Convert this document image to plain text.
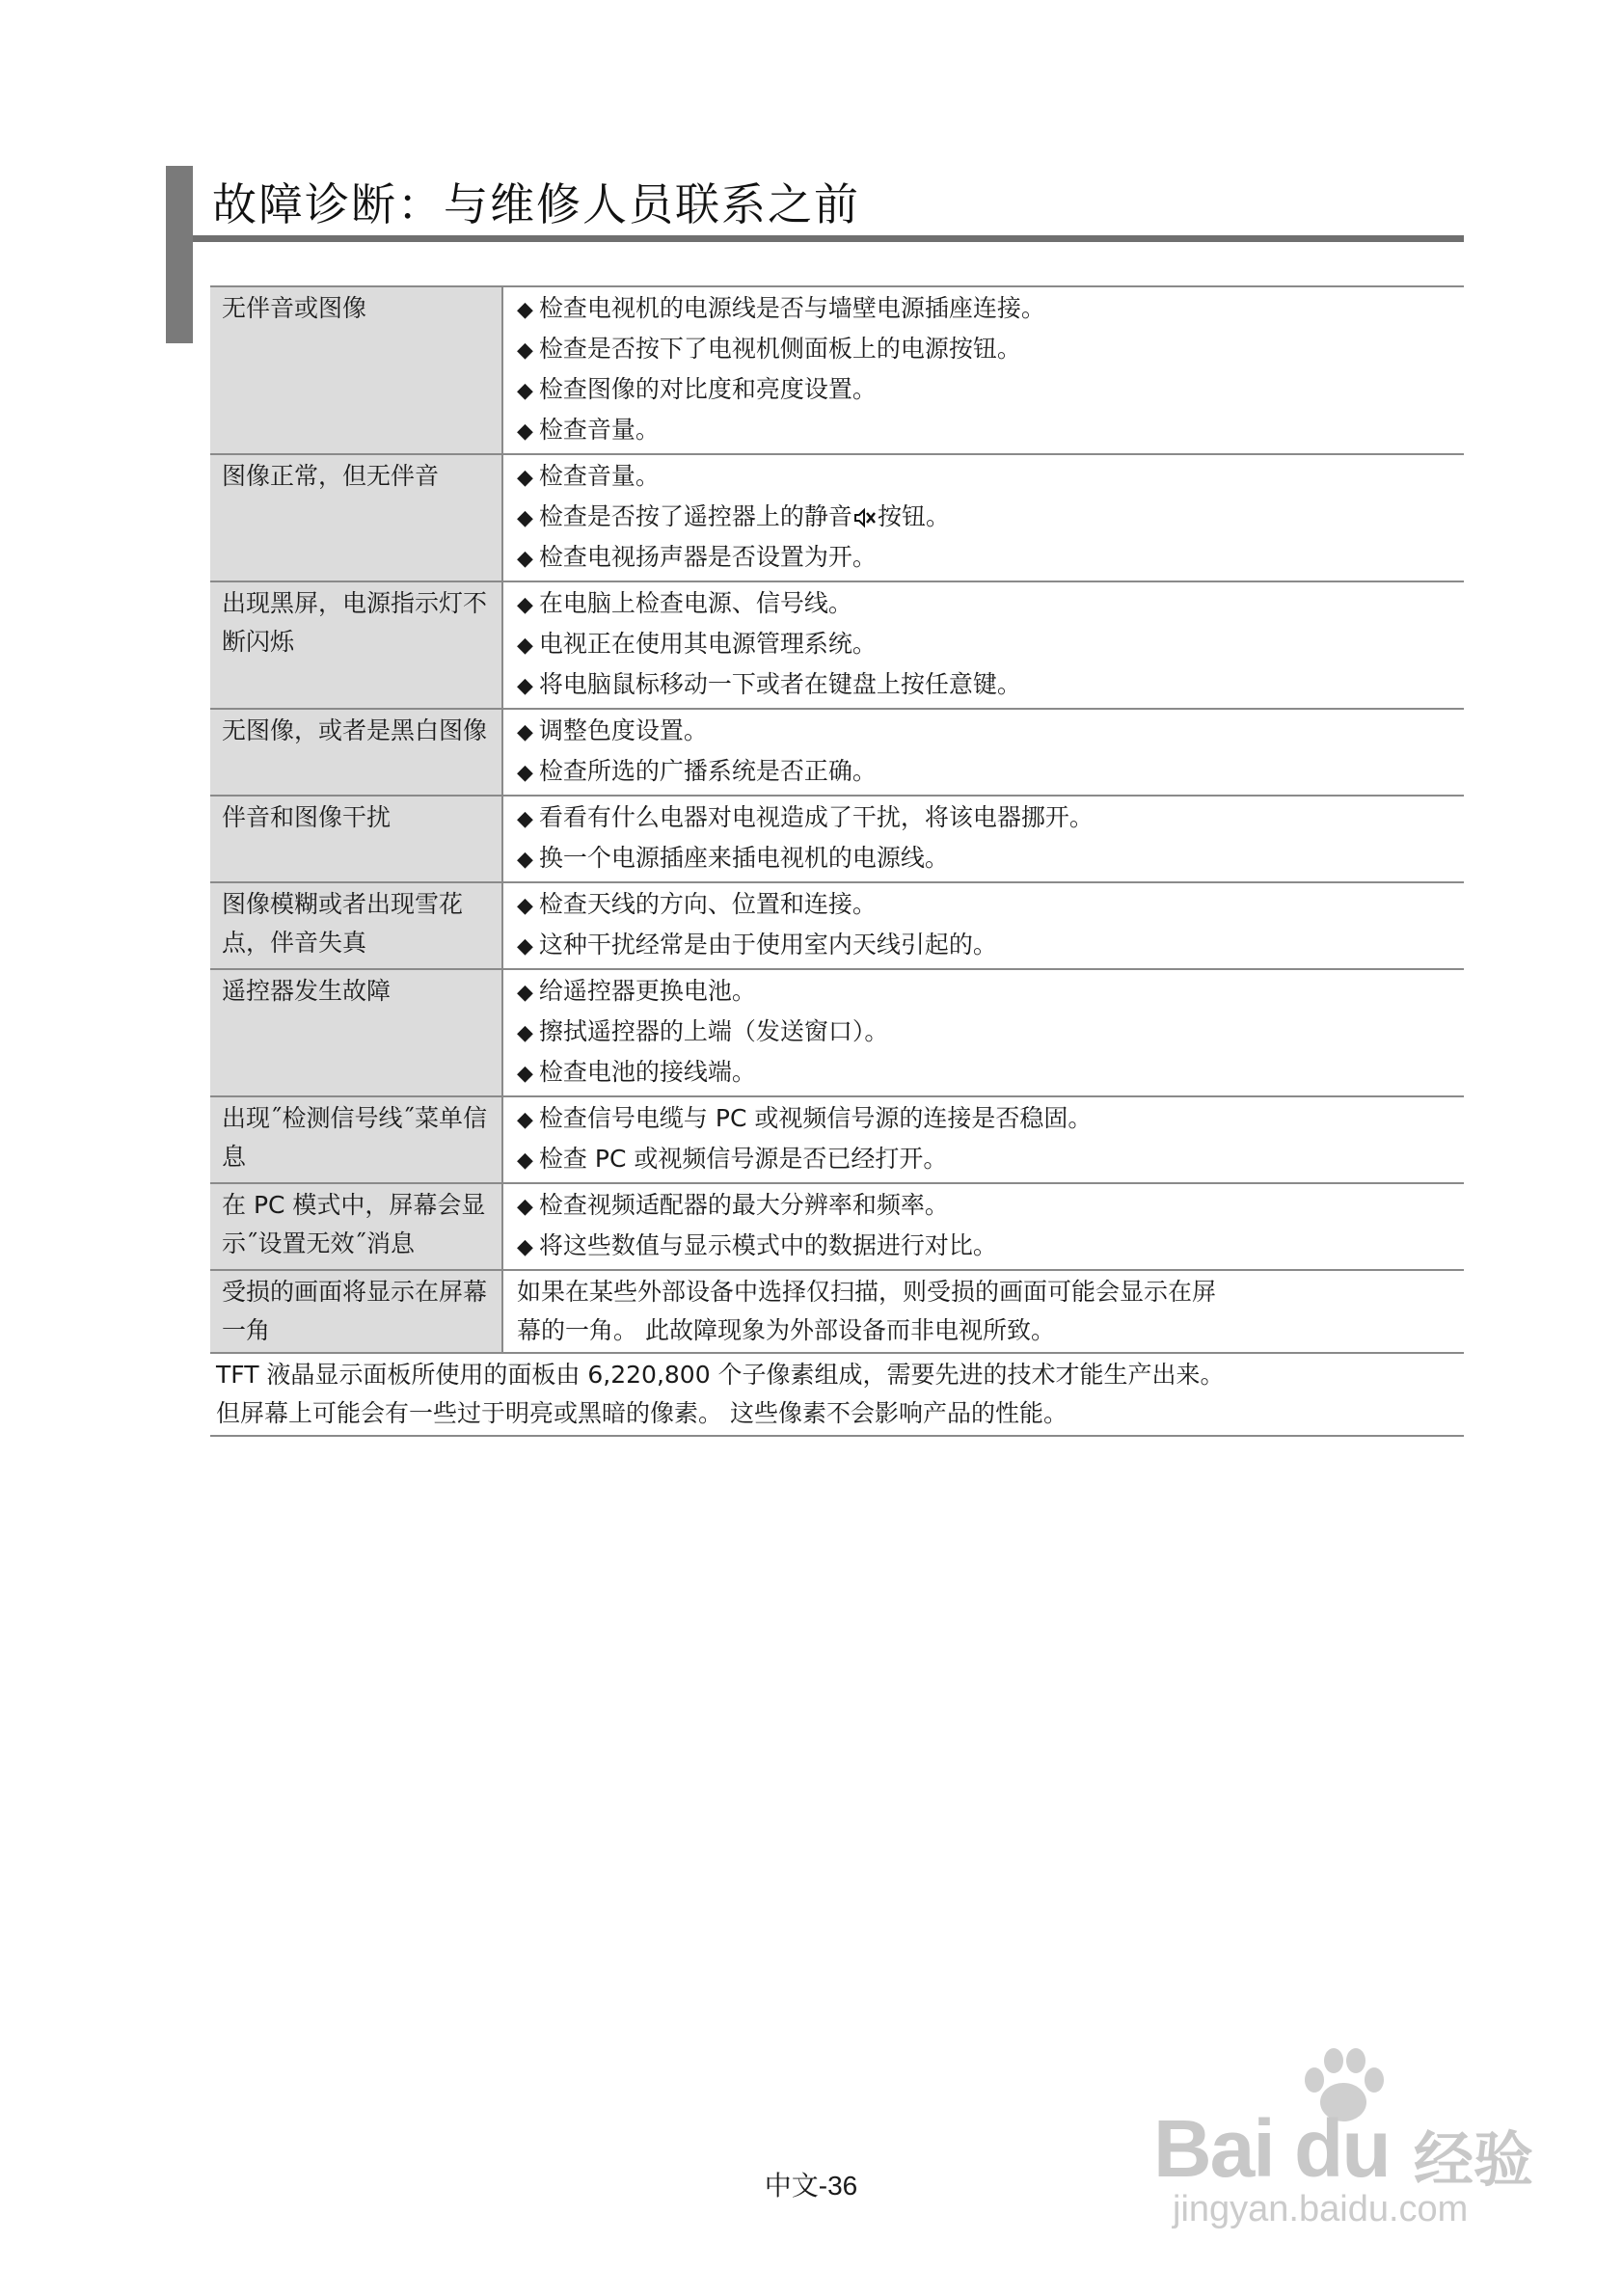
故障诊断：与维修人员联系之前
无伴音或图像	◆ 检查电视机的电源线是否与墙壁电源插座连接。
◆ 检查是否按下了电视机侧面板上的电源按钮。
◆ 检查图像的对比度和亮度设置。
◆ 检查音量。

图像正常，但无伴音	◆ 检查音量。
◆ 检查是否按了遥控器上的静音 按钮。
◆ 检查电视扬声器是否设置为开。

出现黑屏，电源指示灯不断闪烁	◆ 在电脑上检查电源、信号线。
◆ 电视正在使用其电源管理系统。
◆ 将电脑鼠标移动一下或者在键盘上按任意键。

无图像，或者是黑白图像	◆ 调整色度设置。
◆ 检查所选的广播系统是否正确。

伴音和图像干扰	◆ 看看有什么电器对电视造成了干扰，将该电器挪开。
◆ 换一个电源插座来插电视机的电源线。

图像模糊或者出现雪花点，伴音失真	◆ 检查天线的方向、位置和连接。
◆ 这种干扰经常是由于使用室内天线引起的。

遥控器发生故障	◆ 给遥控器更换电池。
◆ 擦拭遥控器的上端（发送窗口）。
◆ 检查电池的接线端。

出现˝检测信号线˝菜单信息	◆ 检查信号电缆与 PC 或视频信号源的连接是否稳固。
◆ 检查 PC 或视频信号源是否已经打开。

在 PC 模式中，屏幕会显示˝设置无效˝消息	◆ 检查视频适配器的最大分辨率和频率。
◆ 将这些数值与显示模式中的数据进行对比。

受损的画面将显示在屏幕一角	如果在某些外部设备中选择仅扫描，则受损的画面可能会显示在屏
幕的一角。 此故障现象为外部设备而非电视所致。

TFT 液晶显示面板所使用的面板由 6,220,800 个子像素组成，需要先进的技术才能生产出来。
但屏幕上可能会有一些过于明亮或黑暗的像素。 这些像素不会影响产品的性能。	
中文-36	Bai du 经验
jingyan.baidu.com
